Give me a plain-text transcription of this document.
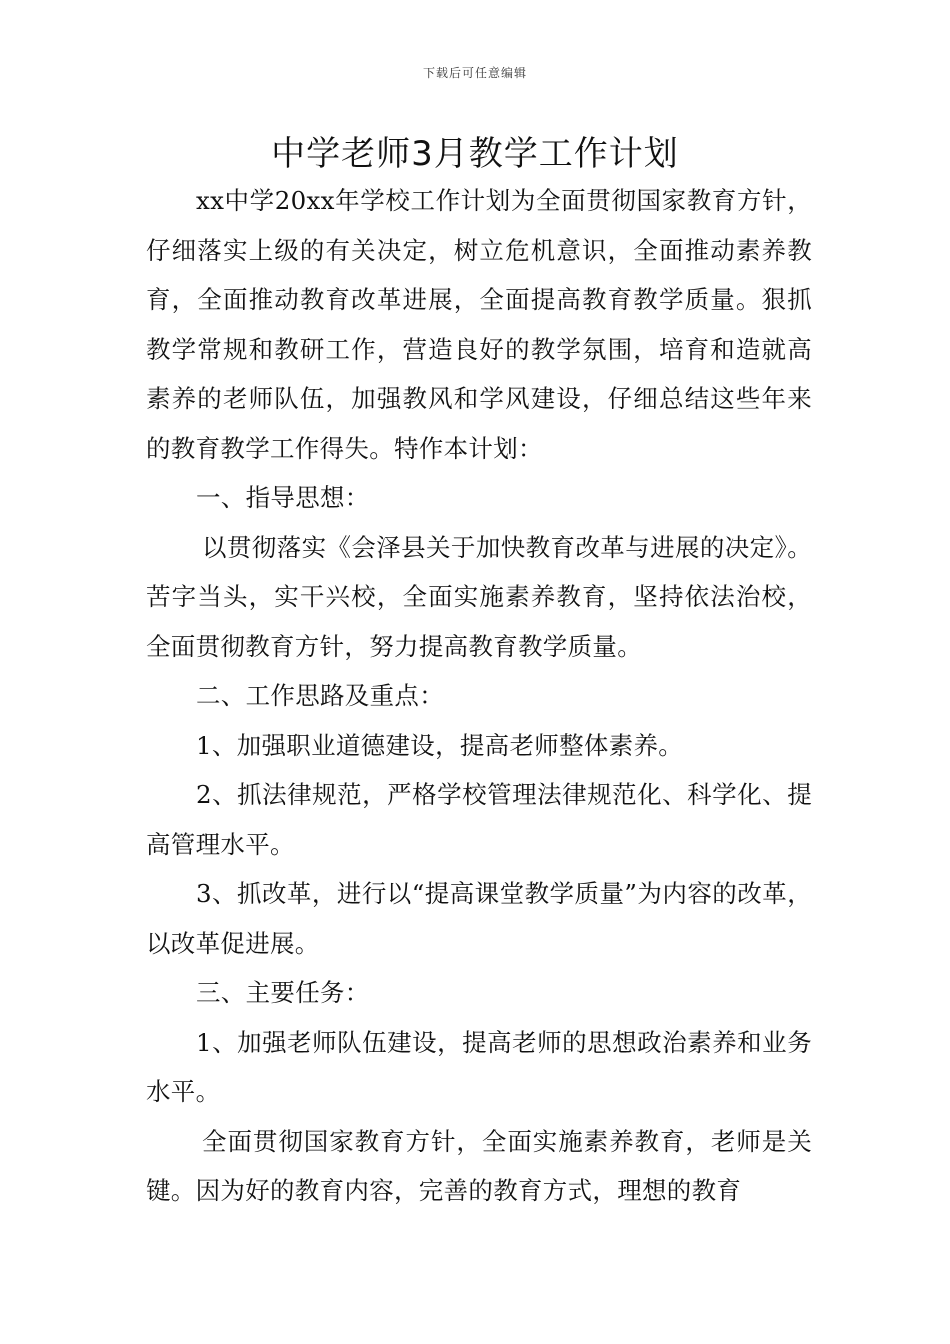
下载后可任意编辑
中学老师3月教学工作计划

xx中学20xx年学校工作计划为全面贯彻国家教育方针，仔细落实上级的有关决定，树立危机意识，全面推动素养教育，全面推动教育改革进展，全面提高教育教学质量。狠抓教学常规和教研工作，营造良好的教学氛围，培育和造就高素养的老师队伍，加强教风和学风建设，仔细总结这些年来的教育教学工作得失。特作本计划：

一、指导思想：

以贯彻落实《会泽县关于加快教育改革与进展的决定》。苦字当头，实干兴校，全面实施素养教育，坚持依法治校，全面贯彻教育方针，努力提高教育教学质量。

二、工作思路及重点：

1、加强职业道德建设，提高老师整体素养。

2、抓法律规范，严格学校管理法律规范化、科学化、提高管理水平。

3、抓改革，进行以“提高课堂教学质量”为内容的改革，以改革促进展。

三、主要任务：

1、加强老师队伍建设，提高老师的思想政治素养和业务水平。

全面贯彻国家教育方针，全面实施素养教育，老师是关键。因为好的教育内容，完善的教育方式，理想的教育
